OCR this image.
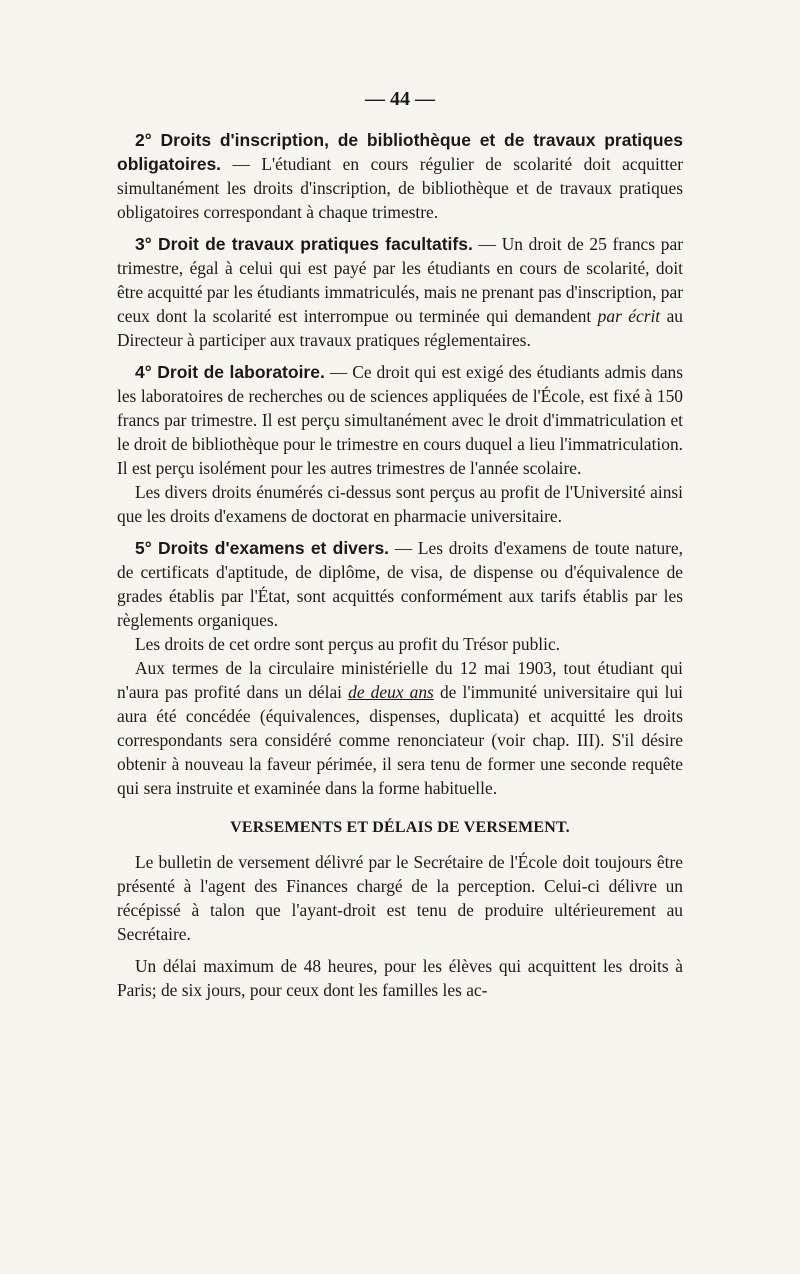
— 44 —

2° Droits d'inscription, de bibliothèque et de travaux pratiques obligatoires. — L'étudiant en cours régulier de scolarité doit acquitter simultanément les droits d'inscription, de bibliothèque et de travaux pratiques obligatoires correspondant à chaque trimestre.

3° Droit de travaux pratiques facultatifs. — Un droit de 25 francs par trimestre, égal à celui qui est payé par les étudiants en cours de scolarité, doit être acquitté par les étudiants immatriculés, mais ne prenant pas d'inscription, par ceux dont la scolarité est interrompue ou terminée qui demandent par écrit au Directeur à participer aux travaux pratiques réglementaires.

4° Droit de laboratoire. — Ce droit qui est exigé des étudiants admis dans les laboratoires de recherches ou de sciences appliquées de l'École, est fixé à 150 francs par trimestre. Il est perçu simultanément avec le droit d'immatriculation et le droit de bibliothèque pour le trimestre en cours duquel a lieu l'immatriculation. Il est perçu isolément pour les autres trimestres de l'année scolaire.

Les divers droits énumérés ci-dessus sont perçus au profit de l'Université ainsi que les droits d'examens de doctorat en pharmacie universitaire.

5° Droits d'examens et divers. — Les droits d'examens de toute nature, de certificats d'aptitude, de diplôme, de visa, de dispense ou d'équivalence de grades établis par l'État, sont acquittés conformément aux tarifs établis par les règlements organiques.

Les droits de cet ordre sont perçus au profit du Trésor public.

Aux termes de la circulaire ministérielle du 12 mai 1903, tout étudiant qui n'aura pas profité dans un délai de deux ans de l'immunité universitaire qui lui aura été concédée (équivalences, dispenses, duplicata) et acquitté les droits correspondants sera considéré comme renonciateur (voir chap. III). S'il désire obtenir à nouveau la faveur périmée, il sera tenu de former une seconde requête qui sera instruite et examinée dans la forme habituelle.

VERSEMENTS ET DÉLAIS DE VERSEMENT.

Le bulletin de versement délivré par le Secrétaire de l'École doit toujours être présenté à l'agent des Finances chargé de la perception. Celui-ci délivre un récépissé à talon que l'ayant-droit est tenu de produire ultérieurement au Secrétaire.

Un délai maximum de 48 heures, pour les élèves qui acquittent les droits à Paris; de six jours, pour ceux dont les familles les ac-
